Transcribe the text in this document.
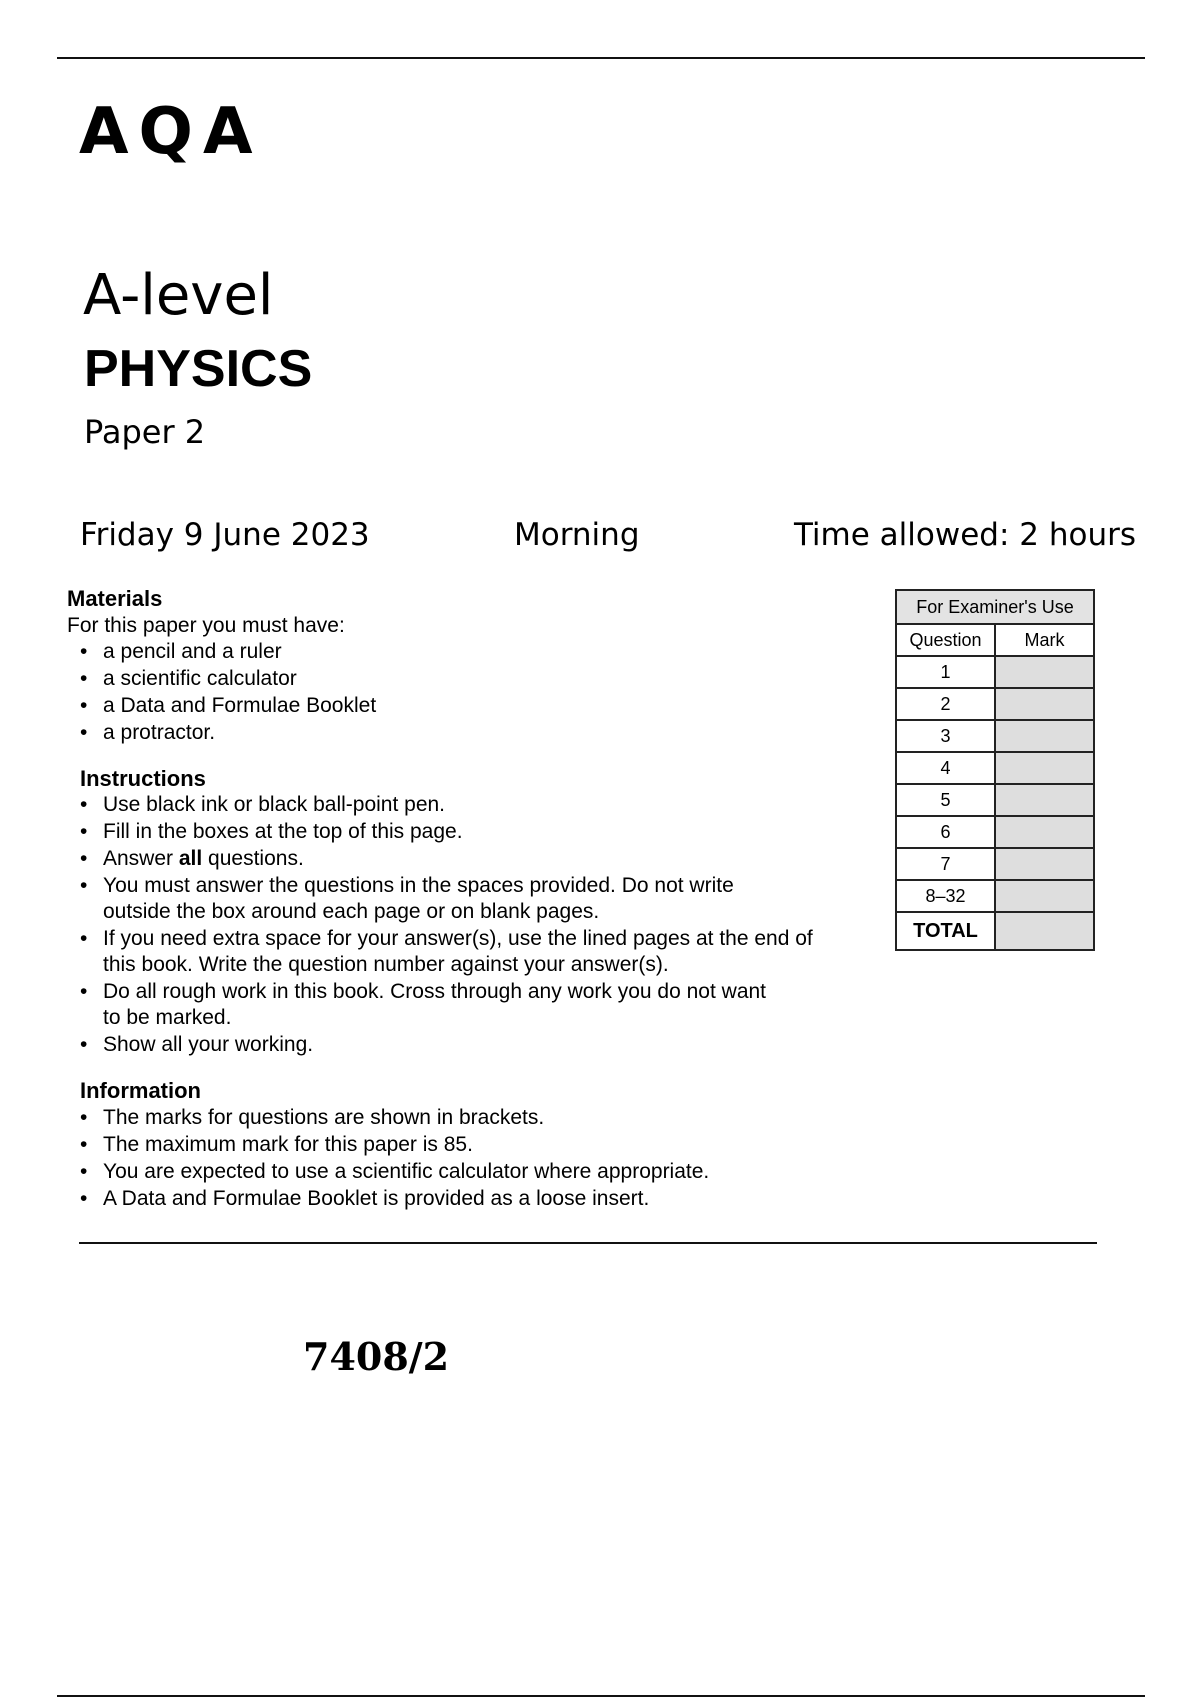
AQA
A-level
PHYSICS
Paper 2
Friday 9 June 2023	Morning	Time allowed: 2 hours

Materials

For this paper you must have:

• a pencil and a ruler
• a scientific calculator
• a Data and Formulae Booklet
• a protractor.

Instructions

• Use black ink or black ball-point pen.
• Fill in the boxes at the top of this page.
• Answer all questions.
• You must answer the questions in the spaces provided. Do not write
outside the box around each page or on blank pages.
• If you need extra space for your answer(s), use the lined pages at the end of
this book. Write the question number against your answer(s).
• Do all rough work in this book. Cross through any work you do not want
to be marked.
• Show all your working.

Information

• The marks for questions are shown in brackets.
• The maximum mark for this paper is 85.
• You are expected to use a scientific calculator where appropriate.
• A Data and Formulae Booklet is provided as a loose insert.
For Examiner's Use	
Question	Mark
1	
2	
3	
4	
5	
6	
7	
8–32	
TOTAL	
7408/2
